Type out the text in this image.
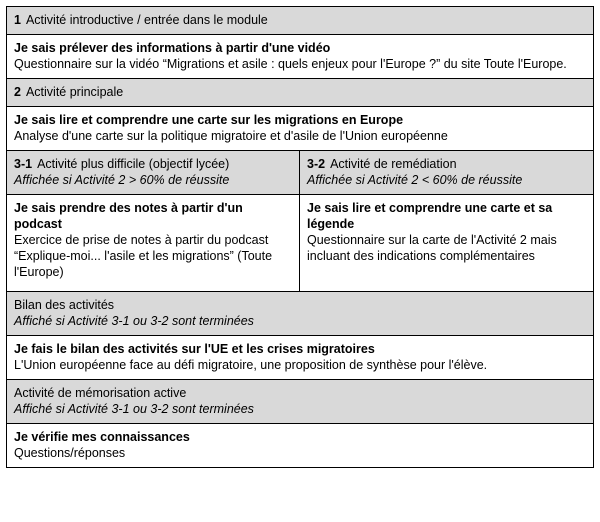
1 Activité introductive / entrée dans le module
Je sais prélever des informations à partir d'une vidéo
Questionnaire sur la vidéo “Migrations et asile : quels enjeux pour l'Europe ?” du site Toute l'Europe.
2 Activité principale
Je sais lire et comprendre une carte sur les migrations en Europe
Analyse d'une carte sur la politique migratoire et d'asile de l'Union européenne
3-1 Activité plus difficile (objectif lycée)
Affichée si Activité 2 > 60% de réussite
3-2 Activité de remédiation
Affichée si Activité 2 < 60% de réussite
Je sais prendre des notes à partir d'un podcast
Exercice de prise de notes à partir du podcast “Explique-moi... l'asile et les migrations” (Toute l'Europe)
Je sais lire et comprendre une carte et sa légende
Questionnaire sur la carte de l'Activité 2 mais incluant des indications complémentaires
Bilan des activités
Affiché si Activité 3-1 ou 3-2 sont terminées
Je fais le bilan des activités sur l'UE et les crises migratoires
L'Union européenne face au défi migratoire, une proposition de synthèse pour l'élève.
Activité de mémorisation active
Affiché si Activité 3-1 ou 3-2 sont terminées
Je vérifie mes connaissances
Questions/réponses
